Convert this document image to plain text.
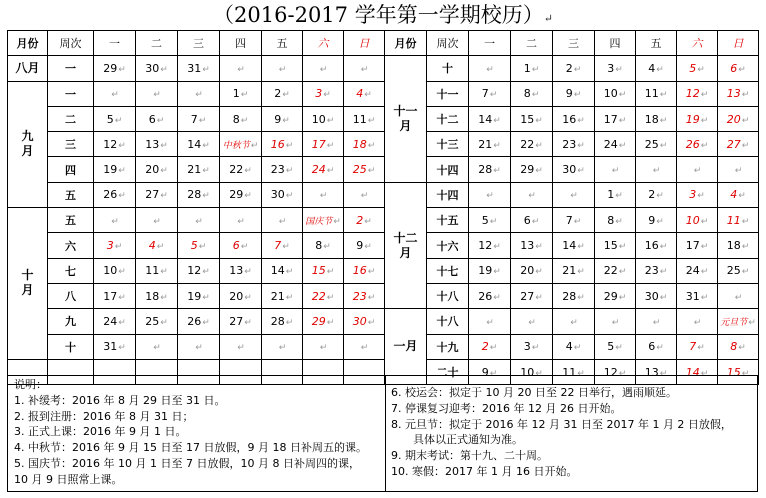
（2016-2017 学年第一学期校历）↵
月份	周次	一	二	三	四	五	六	日
八月	一	29↵	30↵	31↵	↵	↵	↵	↵
九
月	一	↵	↵	↵	1↵	2↵	3↵	4↵
	二	5↵	6↵	7↵	8↵	9↵	10↵	11↵
	三	12↵	13↵	14↵	中秋节↵	16↵	17↵	18↵
	四	19↵	20↵	21↵	22↵	23↵	24↵	25↵
	五	26↵	27↵	28↵	29↵	30↵	↵	↵
十
月	五	↵	↵	↵	↵	↵	国庆节↵	2↵
	六	3↵	4↵	5↵	6↵	7↵	8↵	9↵
	七	10↵	11↵	12↵	13↵	14↵	15↵	16↵
	八	17↵	18↵	19↵	20↵	21↵	22↵	23↵
	九	24↵	25↵	26↵	27↵	28↵	29↵	30↵
	十	31↵	↵	↵	↵	↵	↵	↵

月份	周次	一	二	三	四	五	六	日
十一
月	十	↵	1↵	2↵	3↵	4↵	5↵	6↵
	十一	7↵	8↵	9↵	10↵	11↵	12↵	13↵
	十二	14↵	15↵	16↵	17↵	18↵	19↵	20↵
	十三	21↵	22↵	23↵	24↵	25↵	26↵	27↵
	十四	28↵	29↵	30↵	↵	↵	↵	↵
十二
月	十四	↵	↵	↵	1↵	2↵	3↵	4↵
	十五	5↵	6↵	7↵	8↵	9↵	10↵	11↵
	十六	12↵	13↵	14↵	15↵	16↵	17↵	18↵
	十七	19↵	20↵	21↵	22↵	23↵	24↵	25↵
	十八	26↵	27↵	28↵	29↵	30↵	31↵	↵
一月	十八	↵	↵	↵	↵	↵	↵	元旦节↵
	十九	2↵	3↵	4↵	5↵	6↵	7↵	8↵
	二十	9↵	10↵	11↵	12↵	13↵	14↵	15↵
说明：
1. 补缓考：2016 年 8 月 29 日至 31 日。
2. 报到注册：2016 年 8 月 31 日；
3. 正式上课：2016 年 9 月 1 日。
4. 中秋节：2016 年 9 月 15 日至 17 日放假，9 月 18 日补周五的课。
5. 国庆节：2016 年 10 月 1 日至 7 日放假，10 月 8 日补周四的课，
10 月 9 日照常上课。
6. 校运会：拟定于 10 月 20 日至 22 日举行，遇雨顺延。
7. 停课复习迎考：2016 年 12 月 26 日开始。
8. 元旦节：拟定于 2016 年 12 月 31 日至 2017 年 1 月 2 日放假，
具体以正式通知为准。
9. 期末考试：第十九、二十周。
10. 寒假：2017 年 1 月 16 日开始。
